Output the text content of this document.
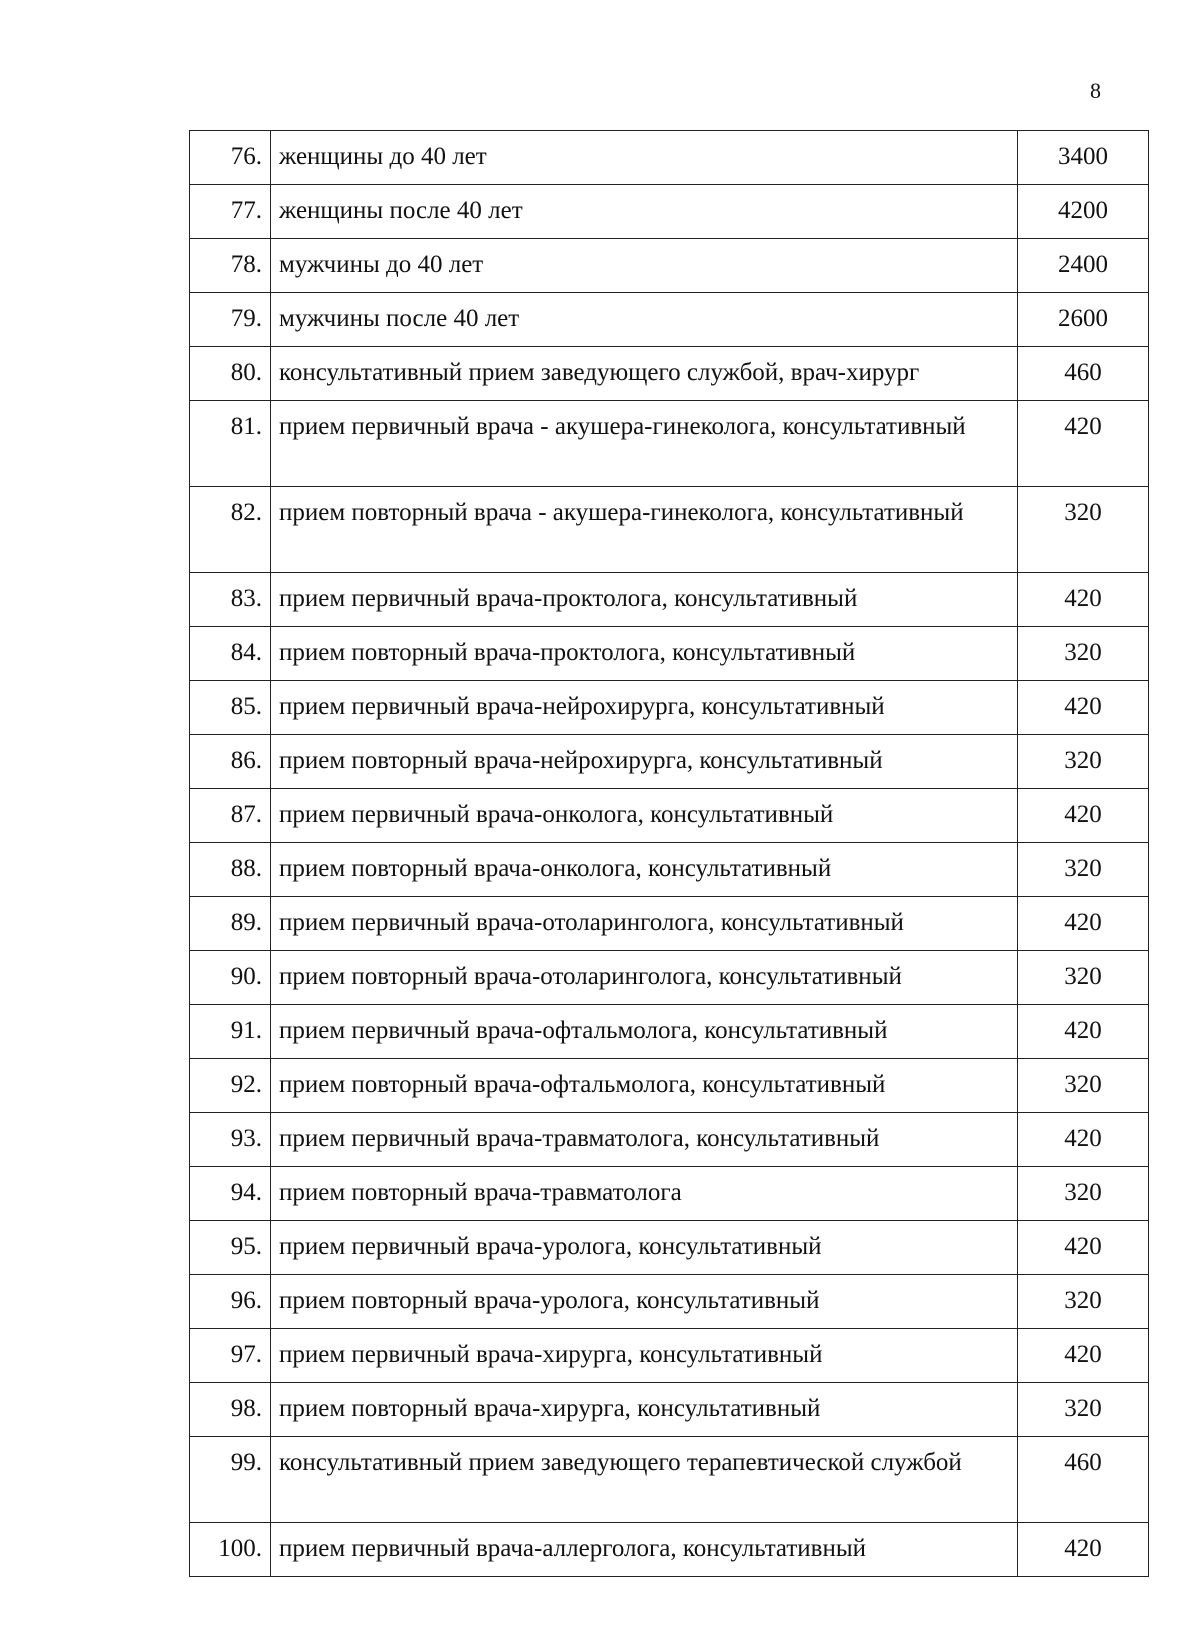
8
76.	женщины до 40 лет	3400
77.	женщины после 40 лет	4200
78.	мужчины до 40 лет	2400
79.	мужчины после 40 лет	2600
80.	консультативный прием заведующего службой, врач-хирург	460
81.	прием первичный врача - акушера-гинеколога, консультативный	420
82.	прием повторный врача - акушера-гинеколога, консультативный	320
83.	прием первичный врача-проктолога, консультативный	420
84.	прием повторный врача-проктолога, консультативный	320
85.	прием первичный врача-нейрохирурга, консультативный	420
86.	прием повторный врача-нейрохирурга, консультативный	320
87.	прием первичный врача-онколога, консультативный	420
88.	прием повторный врача-онколога, консультативный	320
89.	прием первичный врача-отоларинголога, консультативный	420
90.	прием повторный врача-отоларинголога, консультативный	320
91.	прием первичный врача-офтальмолога, консультативный	420
92.	прием повторный врача-офтальмолога, консультативный	320
93.	прием первичный врача-травматолога, консультативный	420
94.	прием повторный врача-травматолога	320
95.	прием первичный врача-уролога, консультативный	420
96.	прием повторный врача-уролога, консультативный	320
97.	прием первичный врача-хирурга, консультативный	420
98.	прием повторный врача-хирурга, консультативный	320
99.	консультативный прием заведующего терапевтической службой	460
100.	прием первичный врача-аллерголога, консультативный	420
